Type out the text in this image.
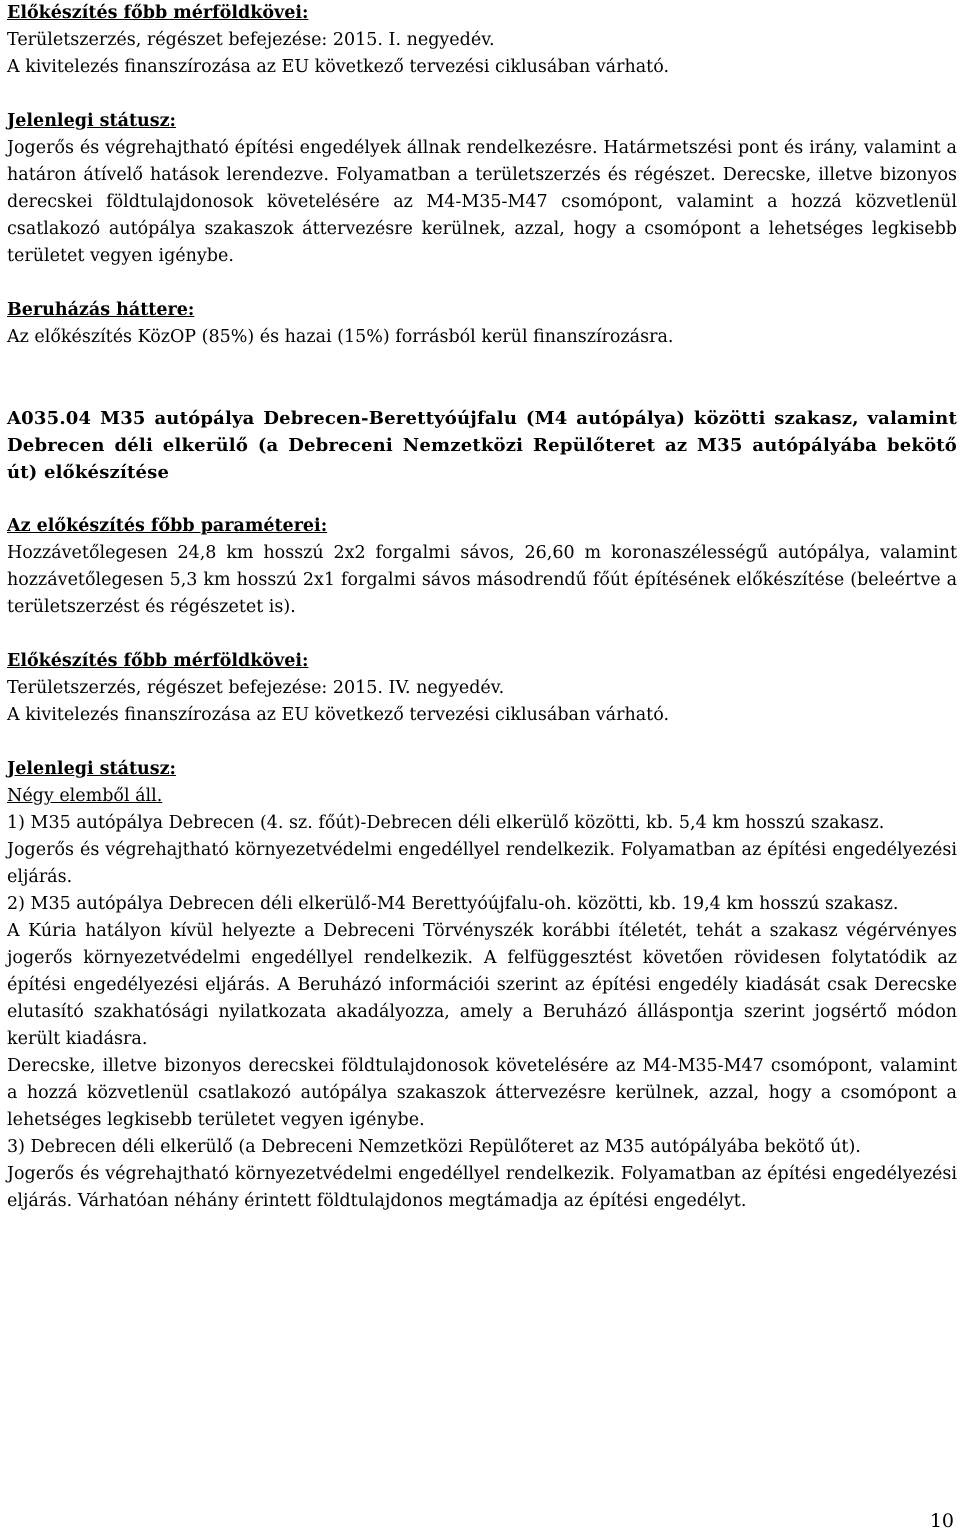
Előkészítés főbb mérföldkövei:

Területszerzés, régészet befejezése: 2015. I. negyedév.

A kivitelezés finanszírozása az EU következő tervezési ciklusában várható.

Jelenlegi státusz:

Jogerős és végrehajtható építési engedélyek állnak rendelkezésre. Határmetszési pont és irány, valamint a határon átívelő hatások lerendezve. Folyamatban a területszerzés és régészet. Derecske, illetve bizonyos derecskei földtulajdonosok követelésére az M4-M35-M47 csomópont, valamint a hozzá közvetlenül csatlakozó autópálya szakaszok áttervezésre kerülnek, azzal, hogy a csomópont a lehetséges legkisebb területet vegyen igénybe.

Beruházás háttere:

Az előkészítés KözOP (85%) és hazai (15%) forrásból kerül finanszírozásra.

A035.04 M35 autópálya Debrecen-Berettyóújfalu (M4 autópálya) közötti szakasz, valamint Debrecen déli elkerülő (a Debreceni Nemzetközi Repülőteret az M35 autópályába bekötő út) előkészítése

Az előkészítés főbb paraméterei:

Hozzávetőlegesen 24,8 km hosszú 2x2 forgalmi sávos, 26,60 m koronaszélességű autópálya, valamint hozzávetőlegesen 5,3 km hosszú 2x1 forgalmi sávos másodrendű főút építésének előkészítése (beleértve a területszerzést és régészetet is).

Előkészítés főbb mérföldkövei:

Területszerzés, régészet befejezése: 2015. IV. negyedév.

A kivitelezés finanszírozása az EU következő tervezési ciklusában várható.

Jelenlegi státusz:

Négy elemből áll.

1) M35 autópálya Debrecen (4. sz. főút)-Debrecen déli elkerülő közötti, kb. 5,4 km hosszú szakasz.

Jogerős és végrehajtható környezetvédelmi engedéllyel rendelkezik. Folyamatban az építési engedélyezési eljárás.

2) M35 autópálya Debrecen déli elkerülő-M4 Berettyóújfalu-oh. közötti, kb. 19,4 km hosszú szakasz.

A Kúria hatályon kívül helyezte a Debreceni Törvényszék korábbi ítéletét, tehát a szakasz végérvényes jogerős környezetvédelmi engedéllyel rendelkezik. A felfüggesztést követően rövidesen folytatódik az építési engedélyezési eljárás. A Beruházó információi szerint az építési engedély kiadását csak Derecske elutasító szakhatósági nyilatkozata akadályozza, amely a Beruházó álláspontja szerint jogsértő módon került kiadásra.

Derecske, illetve bizonyos derecskei földtulajdonosok követelésére az M4-M35-M47 csomópont, valamint a hozzá közvetlenül csatlakozó autópálya szakaszok áttervezésre kerülnek, azzal, hogy a csomópont a lehetséges legkisebb területet vegyen igénybe.

3) Debrecen déli elkerülő (a Debreceni Nemzetközi Repülőteret az M35 autópályába bekötő út).

Jogerős és végrehajtható környezetvédelmi engedéllyel rendelkezik. Folyamatban az építési engedélyezési eljárás. Várhatóan néhány érintett földtulajdonos megtámadja az építési engedélyt.

10
